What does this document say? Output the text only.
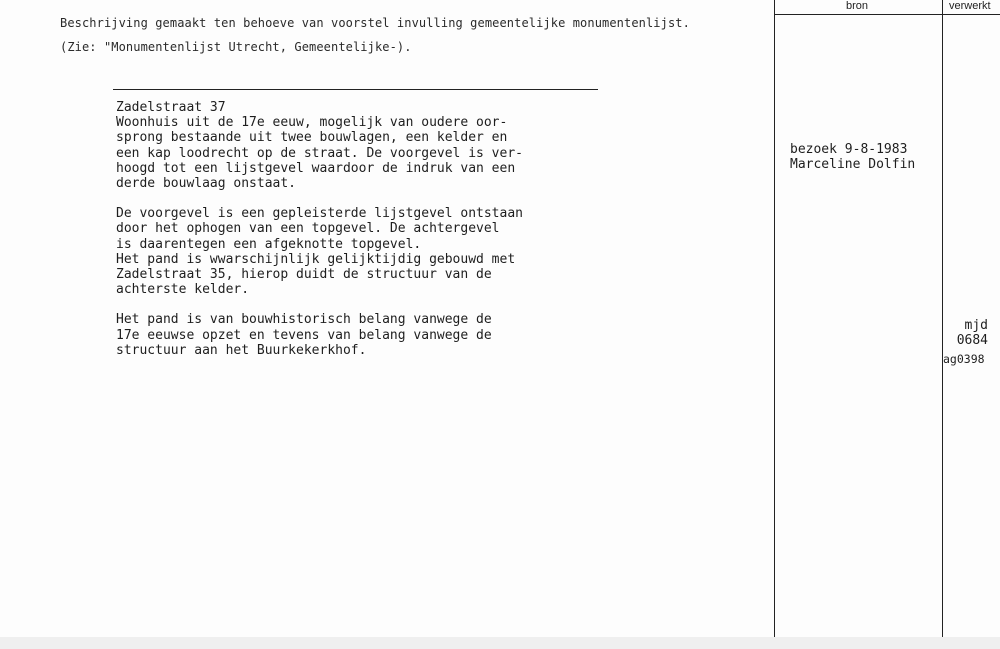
Beschrijving gemaakt ten behoeve van voorstel invulling gemeentelijke monumentenlijst.
(Zie: "Monumentenlijst Utrecht, Gemeentelijke-).
Zadelstraat 37
Woonhuis uit de 17e eeuw, mogelijk van oudere oor-
sprong bestaande uit twee bouwlagen, een kelder en
een kap loodrecht op de straat. De voorgevel is ver-
hoogd tot een lijstgevel waardoor de indruk van een
derde bouwlaag onstaat.
De voorgevel is een gepleisterde lijstgevel ontstaan
door het ophogen van een topgevel. De achtergevel
is daarentegen een afgeknotte topgevel.
Het pand is wwarschijnlijk gelijktijdig gebouwd met
Zadelstraat 35, hierop duidt de structuur van de
achterste kelder.
Het pand is van bouwhistorisch belang vanwege de
17e eeuwse opzet en tevens van belang vanwege de
structuur aan het Buurkekerkhof.
bron	verwerkt
bezoek 9-8-1983
Marceline Dolfin
mjd
0684
ag0398
